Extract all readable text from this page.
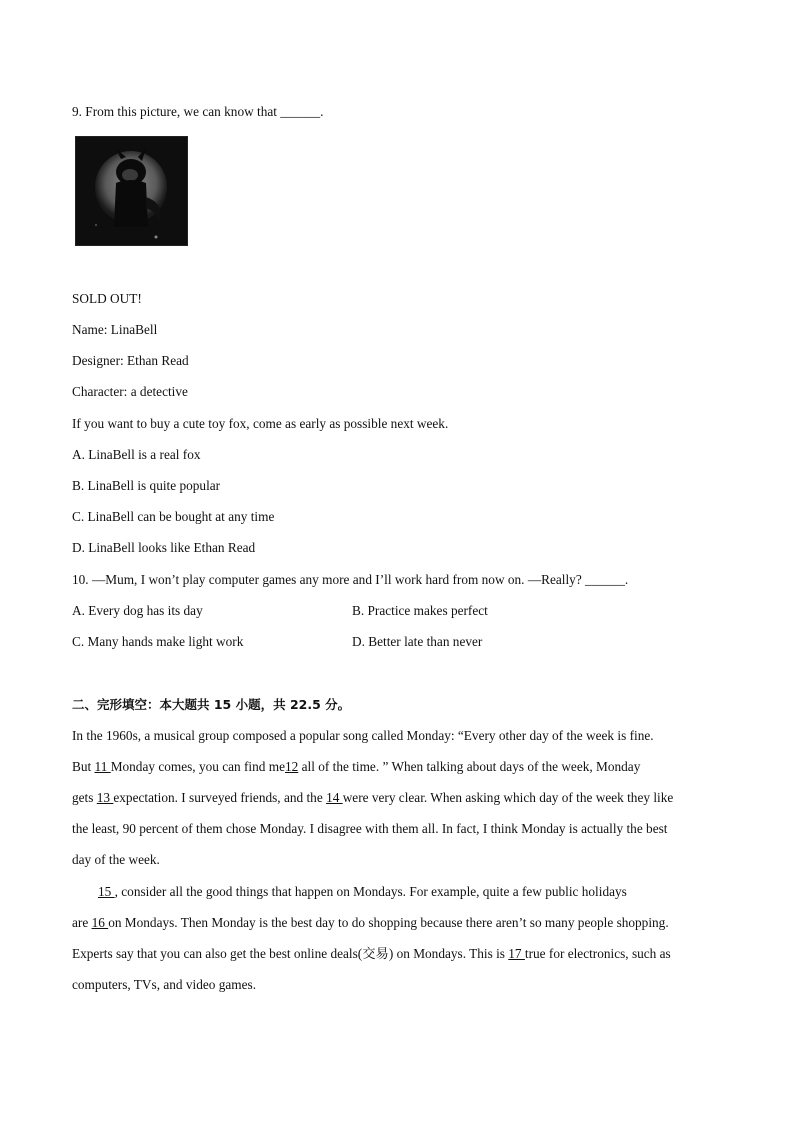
9. From this picture, we can know that ______.
SOLD OUT!
Name: LinaBell
Designer: Ethan Read
Character: a detective
If you want to buy a cute toy fox, come as early as possible next week.
A. LinaBell is a real fox
B. LinaBell is quite popular
C. LinaBell can be bought at any time
D. LinaBell looks like Ethan Read
10. —Mum, I won’t play computer games any more and I’ll work hard from now on. —Really? ______.
A. Every dog has its day	B. Practice makes perfect
C. Many hands make light work	D. Better late than never
二、完形填空：本大题共 15 小题，共 22.5 分。
In the 1960s, a musical group composed a popular song called Monday: “Every other day of the week is fine.
But 11 Monday comes, you can find me12 all of the time. ” When talking about days of the week, Monday
gets 13 expectation. I surveyed friends, and the 14 were very clear. When asking which day of the week they like
the least, 90 percent of them chose Monday. I disagree with them all. In fact, I think Monday is actually the best
day of the week.
15 , consider all the good things that happen on Mondays. For example, quite a few public holidays
are 16 on Mondays. Then Monday is the best day to do shopping because there aren’t so many people shopping.
Experts say that you can also get the best online deals(交易) on Mondays. This is 17 true for electronics, such as
computers, TVs, and video games.
